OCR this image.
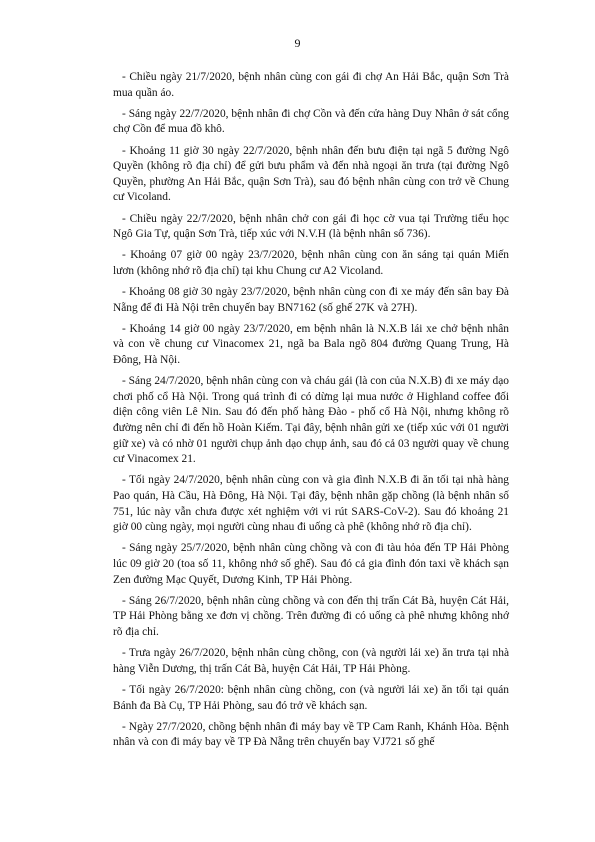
9

- Chiều ngày 21/7/2020, bệnh nhân cùng con gái đi chợ An Hải Bắc, quận Sơn Trà mua quần áo.

- Sáng ngày 22/7/2020, bệnh nhân đi chợ Cồn và đến cửa hàng Duy Nhân ở sát cổng chợ Cồn để mua đồ khô.

- Khoảng 11 giờ 30 ngày 22/7/2020, bệnh nhân đến bưu điện tại ngã 5 đường Ngô Quyền (không rõ địa chỉ) để gửi bưu phẩm và đến nhà ngoại ăn trưa (tại đường Ngô Quyền, phường An Hải Bắc, quận Sơn Trà), sau đó bệnh nhân cùng con trở về Chung cư Vicoland.

- Chiều ngày 22/7/2020, bệnh nhân chở con gái đi học cờ vua tại Trường tiểu học Ngô Gia Tự, quận Sơn Trà, tiếp xúc với N.V.H (là bệnh nhân số 736).

- Khoảng 07 giờ 00 ngày 23/7/2020, bệnh nhân cùng con ăn sáng tại quán Miến lươn (không nhớ rõ địa chỉ) tại khu Chung cư A2 Vicoland.

- Khoảng 08 giờ 30 ngày 23/7/2020, bệnh nhân cùng con đi xe máy đến sân bay Đà Nẵng để đi Hà Nội trên chuyến bay BN7162 (số ghế 27K và 27H).

- Khoảng 14 giờ 00 ngày 23/7/2020, em bệnh nhân là N.X.B lái xe chở bệnh nhân và con về chung cư Vinacomex 21, ngã ba Bala ngõ 804 đường Quang Trung, Hà Đông, Hà Nội.

- Sáng 24/7/2020, bệnh nhân cùng con và cháu gái (là con của N.X.B) đi xe máy dạo chơi phố cổ Hà Nội. Trong quá trình đi có dừng lại mua nước ở Highland coffee đối diện công viên Lê Nin. Sau đó đến phố hàng Đào - phố cổ Hà Nội, nhưng không rõ đường nên chỉ đi đến hồ Hoàn Kiếm. Tại đây, bệnh nhân gửi xe (tiếp xúc với 01 người giữ xe) và có nhờ 01 người chụp ảnh dạo chụp ảnh, sau đó cả 03 người quay về chung cư Vinacomex 21.

- Tối ngày 24/7/2020, bệnh nhân cùng con và gia đình N.X.B đi ăn tối tại nhà hàng Pao quán, Hà Cầu, Hà Đông, Hà Nội. Tại đây, bệnh nhân gặp chồng (là bệnh nhân số 751, lúc này vẫn chưa được xét nghiệm với vi rút SARS-CoV-2). Sau đó khoảng 21 giờ 00 cùng ngày, mọi người cùng nhau đi uống cà phê (không nhớ rõ địa chỉ).

- Sáng ngày 25/7/2020, bệnh nhân cùng chồng và con đi tàu hỏa đến TP Hải Phòng lúc 09 giờ 20 (toa số 11, không nhớ số ghế). Sau đó cả gia đình đón taxi về khách sạn Zen đường Mạc Quyết, Dương Kinh, TP Hải Phòng.

- Sáng 26/7/2020, bệnh nhân cùng chồng và con đến thị trấn Cát Bà, huyện Cát Hải, TP Hải Phòng bằng xe đơn vị chồng. Trên đường đi có uống cà phê nhưng không nhớ rõ địa chỉ.

- Trưa ngày 26/7/2020, bệnh nhân cùng chồng, con (và người lái xe) ăn trưa tại nhà hàng Viễn Dương, thị trấn Cát Bà, huyện Cát Hải, TP Hải Phòng.

- Tối ngày 26/7/2020: bệnh nhân cùng chồng, con (và người lái xe) ăn tối tại quán Bánh đa Bà Cụ, TP Hải Phòng, sau đó trở về khách sạn.

- Ngày 27/7/2020, chồng bệnh nhân đi máy bay về TP Cam Ranh, Khánh Hòa. Bệnh nhân và con đi máy bay về TP Đà Nẵng trên chuyến bay VJ721 số ghế
